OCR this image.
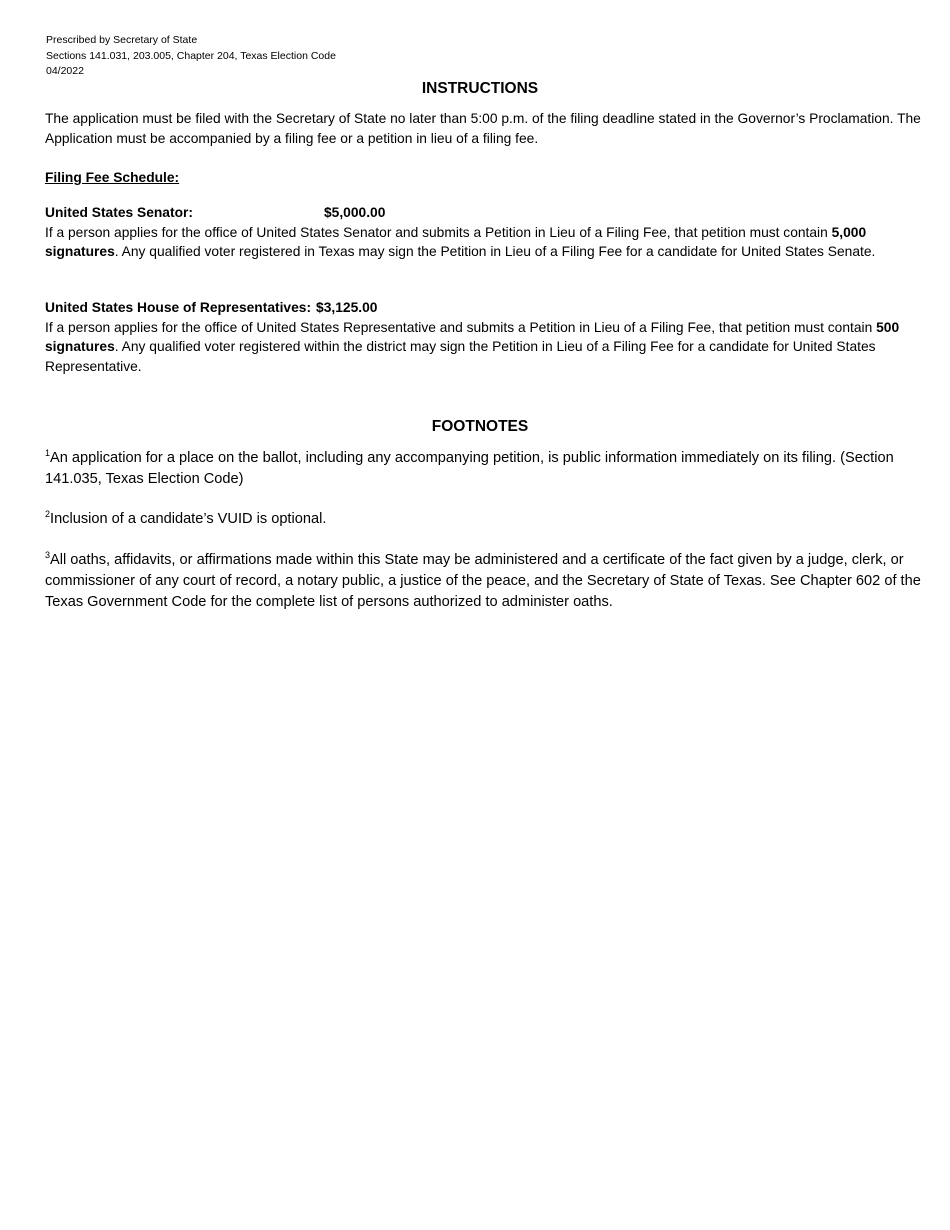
Prescribed by Secretary of State
Sections 141.031, 203.005, Chapter 204, Texas Election Code
04/2022
INSTRUCTIONS
The application must be filed with the Secretary of State no later than 5:00 p.m. of the filing deadline stated in the Governor’s Proclamation. The Application must be accompanied by a filing fee or a petition in lieu of a filing fee.
Filing Fee Schedule:
United States Senator:	$5,000.00
If a person applies for the office of United States Senator and submits a Petition in Lieu of a Filing Fee, that petition must contain 5,000 signatures. Any qualified voter registered in Texas may sign the Petition in Lieu of a Filing Fee for a candidate for United States Senate.
United States House of Representatives: $3,125.00
If a person applies for the office of United States Representative and submits a Petition in Lieu of a Filing Fee, that petition must contain 500 signatures. Any qualified voter registered within the district may sign the Petition in Lieu of a Filing Fee for a candidate for United States Representative.
FOOTNOTES
$^1$An application for a place on the ballot, including any accompanying petition, is public information immediately on its filing. (Section 141.035, Texas Election Code)
$^2$Inclusion of a candidate’s VUID is optional.
$^3$All oaths, affidavits, or affirmations made within this State may be administered and a certificate of the fact given by a judge, clerk, or commissioner of any court of record, a notary public, a justice of the peace, and the Secretary of State of Texas. See Chapter 602 of the Texas Government Code for the complete list of persons authorized to administer oaths.
